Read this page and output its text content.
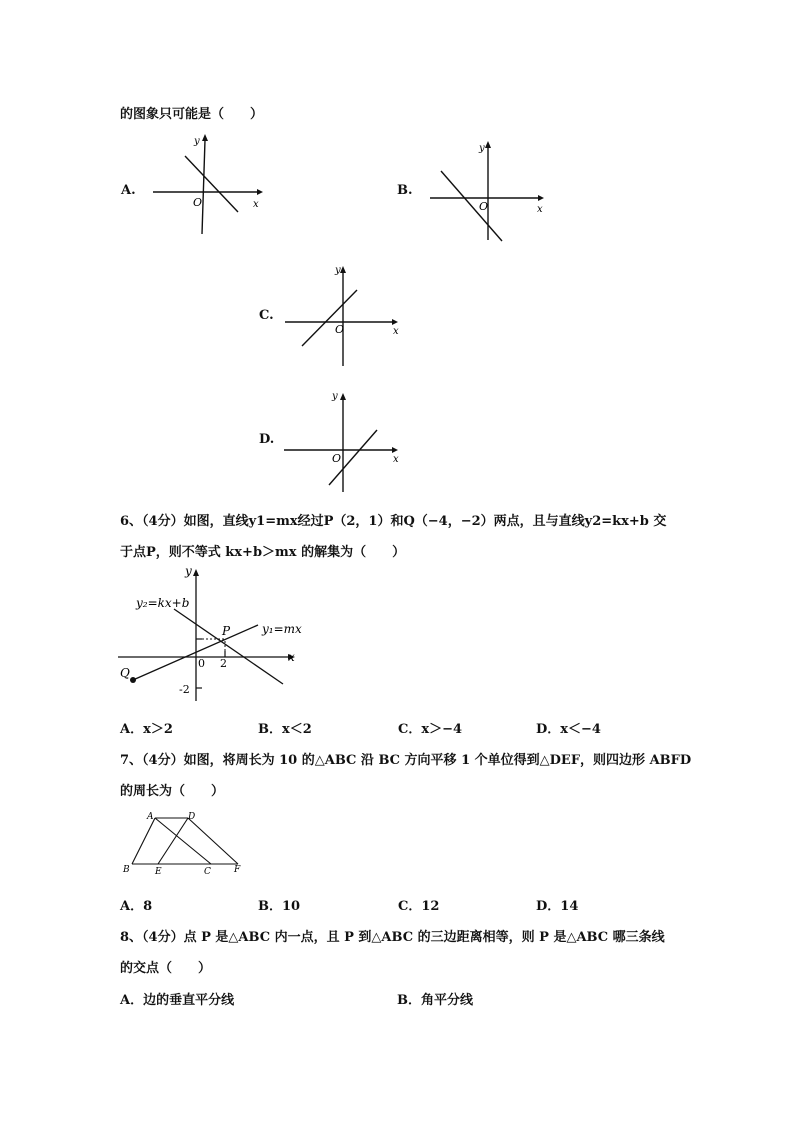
的图象只可能是（　　）
A.
O	x
y
B.
O	x
y
C.
O	x
y
D.
O	x
y
6、（4分）如图，直线y1=mx经过P（2，1）和Q（−4，−2）两点，且与直线y2=kx+b 交
于点P，则不等式 kx+b＞mx 的解集为（　　）
y
x
y₂=kx+b
y₁=mx
P
Q
0 2
-2
A．x＞2	B．x＜2	C．x＞−4	D．x＜−4
7、（4分）如图，将周长为 10 的△ABC 沿 BC 方向平移 1 个单位得到△DEF，则四边形 ABFD
的周长为（　　）
A	D
B	E	C	F
A．8	B．10	C．12	D．14
8、（4分）点 P 是△ABC 内一点，且 P 到△ABC 的三边距离相等，则 P 是△ABC 哪三条线
的交点（　　）
A．边的垂直平分线	B．角平分线
